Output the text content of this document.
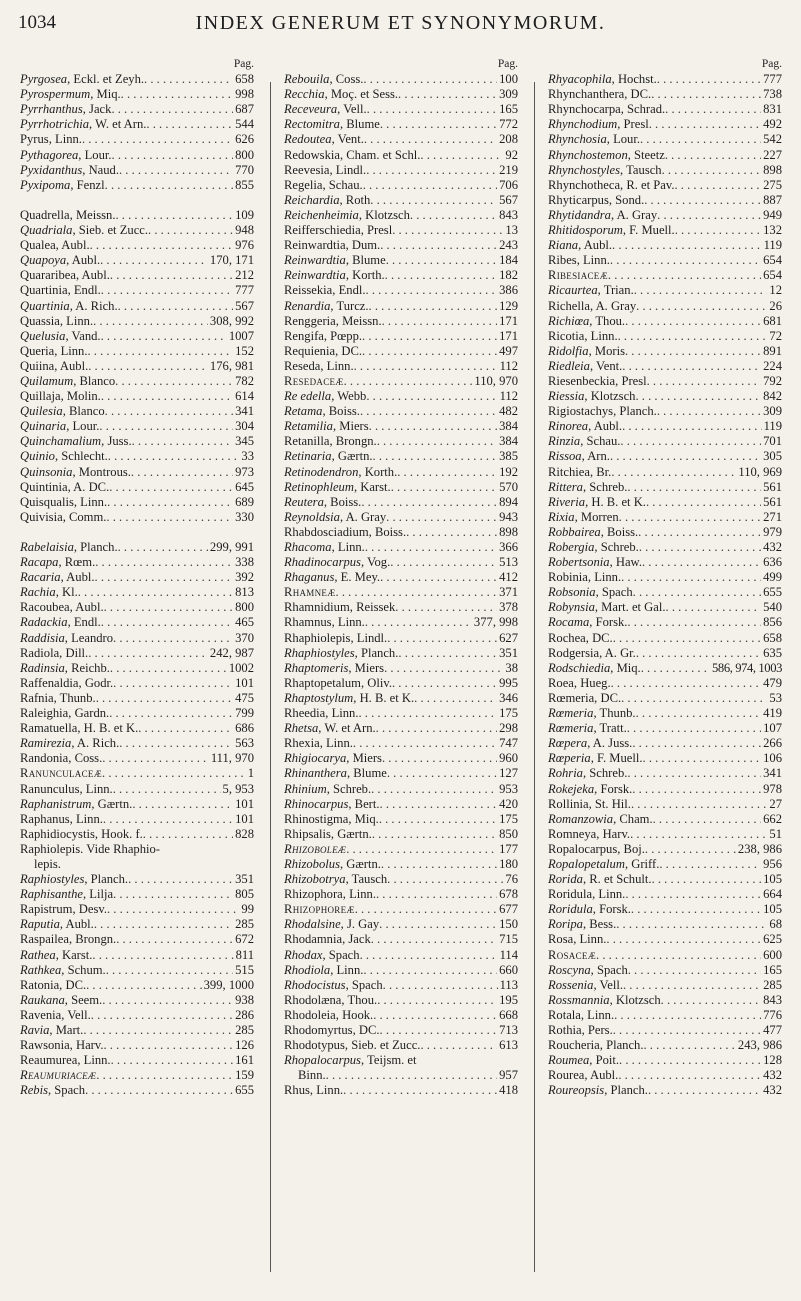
1034	INDEX GENERUM ET SYNONYMORUM.
Pag.
Pyrgosea, Eckl. et Zeyh. . . .	658
Pyrospermum, Miq. . . .	998
Pyrrhanthus, Jack . . .	687
Pyrrhotrichia, W. et Arn. . . .	544
Pyrus, Linn. . . .	626
Pythagorea, Lour. . . .	800
Pyxidanthus, Naud. . . .	770
Pyxipoma, Fenzl . . .	855
Quadrella, Meissn. . . .	109
Quadriala, Sieb. et Zucc. . . .	948
Qualea, Aubl. . . .	976
Quapoya, Aubl. . . .	170, 171
Quararibea, Aubl. . . .	212
Quartinia, Endl. . . .	777
Quartinia, A. Rich. . . .	567
Quassia, Linn. . . .	308, 992
Quelusia, Vand. . . .	1007
Queria, Linn. . . .	152
Quiina, Aubl. . . .	176, 981
Quilamum, Blanco . . .	782
Quillaja, Molin. . . .	614
Quilesia, Blanco . . .	341
Quinaria, Lour. . . .	304
Quinchamalium, Juss. . . .	345
Quinio, Schlecht. . . .	33
Quinsonia, Montrous. . . .	973
Quintinia, A. DC. . . .	645
Quisqualis, Linn. . . .	689
Quivisia, Comm. . . .	330
Rabelaisia, Planch. . . .	299, 991
Racapa, Rœm. . . .	338
Racaria, Aubl. . . .	392
Rachia, Kl. . . .	813
Racoubea, Aubl. . . .	800
Radackia, Endl. . . .	465
Raddisia, Leandro . . .	370
Radiola, Dill. . . .	242, 987
Radinsia, Reichb. . . .	1002
Raffenaldia, Godr. . . .	101
Rafnia, Thunb. . . .	475
Raleighia, Gardn. . . .	799
Ramatuella, H. B. et K. . . .	686
Ramirezia, A. Rich. . . .	563
Randonia, Coss. . . .	111, 970
Ranunculaceæ . . .	1
Ranunculus, Linn. . . .	5, 953
Raphanistrum, Gærtn. . . .	101
Raphanus, Linn. . . .	101
Raphidiocystis, Hook. f. . . .	828
Raphiolepis. Vide Rhaphio-
lepis.
Raphiostyles, Planch. . . .	351
Raphisanthe, Lilja . . .	805
Rapistrum, Desv. . . .	99
Raputia, Aubl. . . .	285
Raspailea, Brongn. . . .	672
Rathea, Karst. . . .	811
Rathkea, Schum. . . .	515
Ratonia, DC. . . .	399, 1000
Raukana, Seem. . . .	938
Ravenia, Vell. . . .	286
Ravia, Mart. . . .	285
Rawsonia, Harv. . . .	126
Reaumurea, Linn. . . .	161
Reaumuriaceæ . . .	159
Rebis, Spach . . .	655
Pag.
Rebouila, Coss. . . .	100
Recchia, Moç. et Sess. . . .	309
Receveura, Vell. . . .	165
Rectomitra, Blume . . .	772
Redoutea, Vent. . . .	208
Redowskia, Cham. et Schl. . . .	92
Reevesia, Lindl. . . .	219
Regelia, Schau. . . .	706
Reichardia, Roth . . .	567
Reichenheimia, Klotzsch . . .	843
Reifferschiedia, Presl . . .	13
Reinwardtia, Dum. . . .	243
Reinwardtia, Blume . . .	184
Reinwardtia, Korth. . . .	182
Reissekia, Endl. . . .	386
Renardia, Turcz. . . .	129
Renggeria, Meissn. . . .	171
Rengifa, Pœpp. . . .	171
Requienia, DC. . . .	497
Reseda, Linn. . . .	112
Resedaceæ . . .	110, 970
Re edella, Webb . . .	112
Retama, Boiss. . . .	482
Retamilia, Miers . . .	384
Retanilla, Brongn. . . .	384
Retinaria, Gærtn. . . .	385
Retinodendron, Korth. . . .	192
Retinophleum, Karst. . . .	570
Reutera, Boiss. . . .	894
Reynoldsia, A. Gray . . .	943
Rhabdosciadium, Boiss. . . .	898
Rhacoma, Linn. . . .	366
Rhadinocarpus, Vog. . . .	513
Rhaganus, E. Mey. . . .	412
Rhamneæ . . .	371
Rhamnidium, Reissek . . .	378
Rhamnus, Linn. . . .	377, 998
Rhaphiolepis, Lindl. . . .	627
Rhaphiostyles, Planch. . . .	351
Rhaptomeris, Miers . . .	38
Rhaptopetalum, Oliv. . . .	995
Rhaptostylum, H. B. et K. . . .	346
Rheedia, Linn. . . .	175
Rhetsa, W. et Arn. . . .	298
Rhexia, Linn. . . .	747
Rhigiocarya, Miers . . .	960
Rhinanthera, Blume . . .	127
Rhinium, Schreb. . . .	953
Rhinocarpus, Bert. . . .	420
Rhinostigma, Miq. . . .	175
Rhipsalis, Gærtn. . . .	850
Rhizoboleæ . . .	177
Rhizobolus, Gærtn. . . .	180
Rhizobotrya, Tausch . . .	76
Rhizophora, Linn. . . .	678
Rhizophoreæ . . .	677
Rhodalsine, J. Gay . . .	150
Rhodamnia, Jack . . .	715
Rhodax, Spach . . .	114
Rhodiola, Linn. . . .	660
Rhodocistus, Spach . . .	113
Rhodolæna, Thou. . . .	195
Rhodoleia, Hook. . . .	668
Rhodomyrtus, DC. . . .	713
Rhodotypus, Sieb. et Zucc. . . .	613
Rhopalocarpus, Teijsm. et
Binn. . . .	957
Rhus, Linn. . . .	418
Pag.
Rhyacophila, Hochst. . . .	777
Rhynchanthera, DC. . . .	738
Rhynchocarpa, Schrad. . . .	831
Rhynchodium, Presl . . .	492
Rhynchosia, Lour. . . .	542
Rhynchostemon, Steetz . . .	227
Rhynchostyles, Tausch . . .	898
Rhynchotheca, R. et Pav. . . .	275
Rhyticarpus, Sond. . . .	887
Rhytidandra, A. Gray . . .	949
Rhitidosporum, F. Muell. . . .	132
Riana, Aubl. . . .	119
Ribes, Linn. . . .	654
Ribesiaceæ . . .	654
Ricaurtea, Trian. . . .	12
Richella, A. Gray . . .	26
Richiœa, Thou. . . .	681
Ricotia, Linn. . . .	72
Ridolfia, Moris . . .	891
Riedleia, Vent. . . .	224
Riesenbeckia, Presl . . .	792
Riessia, Klotzsch . . .	842
Rigiostachys, Planch. . . .	309
Rinorea, Aubl. . . .	119
Rinzia, Schau. . . .	701
Rissoa, Arn. . . .	305
Ritchiea, Br. . . .	110, 969
Rittera, Schreb. . . .	561
Riveria, H. B. et K. . . .	561
Rixia, Morren . . .	271
Robbairea, Boiss. . . .	979
Robergia, Schreb. . . .	432
Robertsonia, Haw. . . .	636
Robinia, Linn. . . .	499
Robsonia, Spach . . .	655
Robynsia, Mart. et Gal. . . .	540
Rocama, Forsk. . . .	856
Rochea, DC. . . .	658
Rodgersia, A. Gr. . . .	635
Rodschiedia, Miq. . . .	586, 974, 1003
Roea, Hueg. . . .	479
Rœmeria, DC. . . .	53
Rœmeria, Thunb. . . .	419
Rœmeria, Tratt. . . .	107
Rœpera, A. Juss. . . .	266
Rœperia, F. Muell. . . .	106
Rohria, Schreb. . . .	341
Rokejeka, Forsk. . . .	978
Rollinia, St. Hil. . . .	27
Romanzowia, Cham. . . .	662
Romneya, Harv. . . .	51
Ropalocarpus, Boj. . . .	238, 986
Ropalopetalum, Griff. . . .	956
Rorida, R. et Schult. . . .	105
Roridula, Linn. . . .	664
Roridula, Forsk. . . .	105
Roripa, Bess. . . .	68
Rosa, Linn. . . .	625
Rosaceæ . . .	600
Roscyna, Spach . . .	165
Rossenia, Vell. . . .	285
Rossmannia, Klotzsch . . .	843
Rotala, Linn. . . .	776
Rothia, Pers. . . .	477
Roucheria, Planch. . . .	243, 986
Roumea, Poit. . . .	128
Rourea, Aubl. . . .	432
Roureopsis, Planch. . . .	432
